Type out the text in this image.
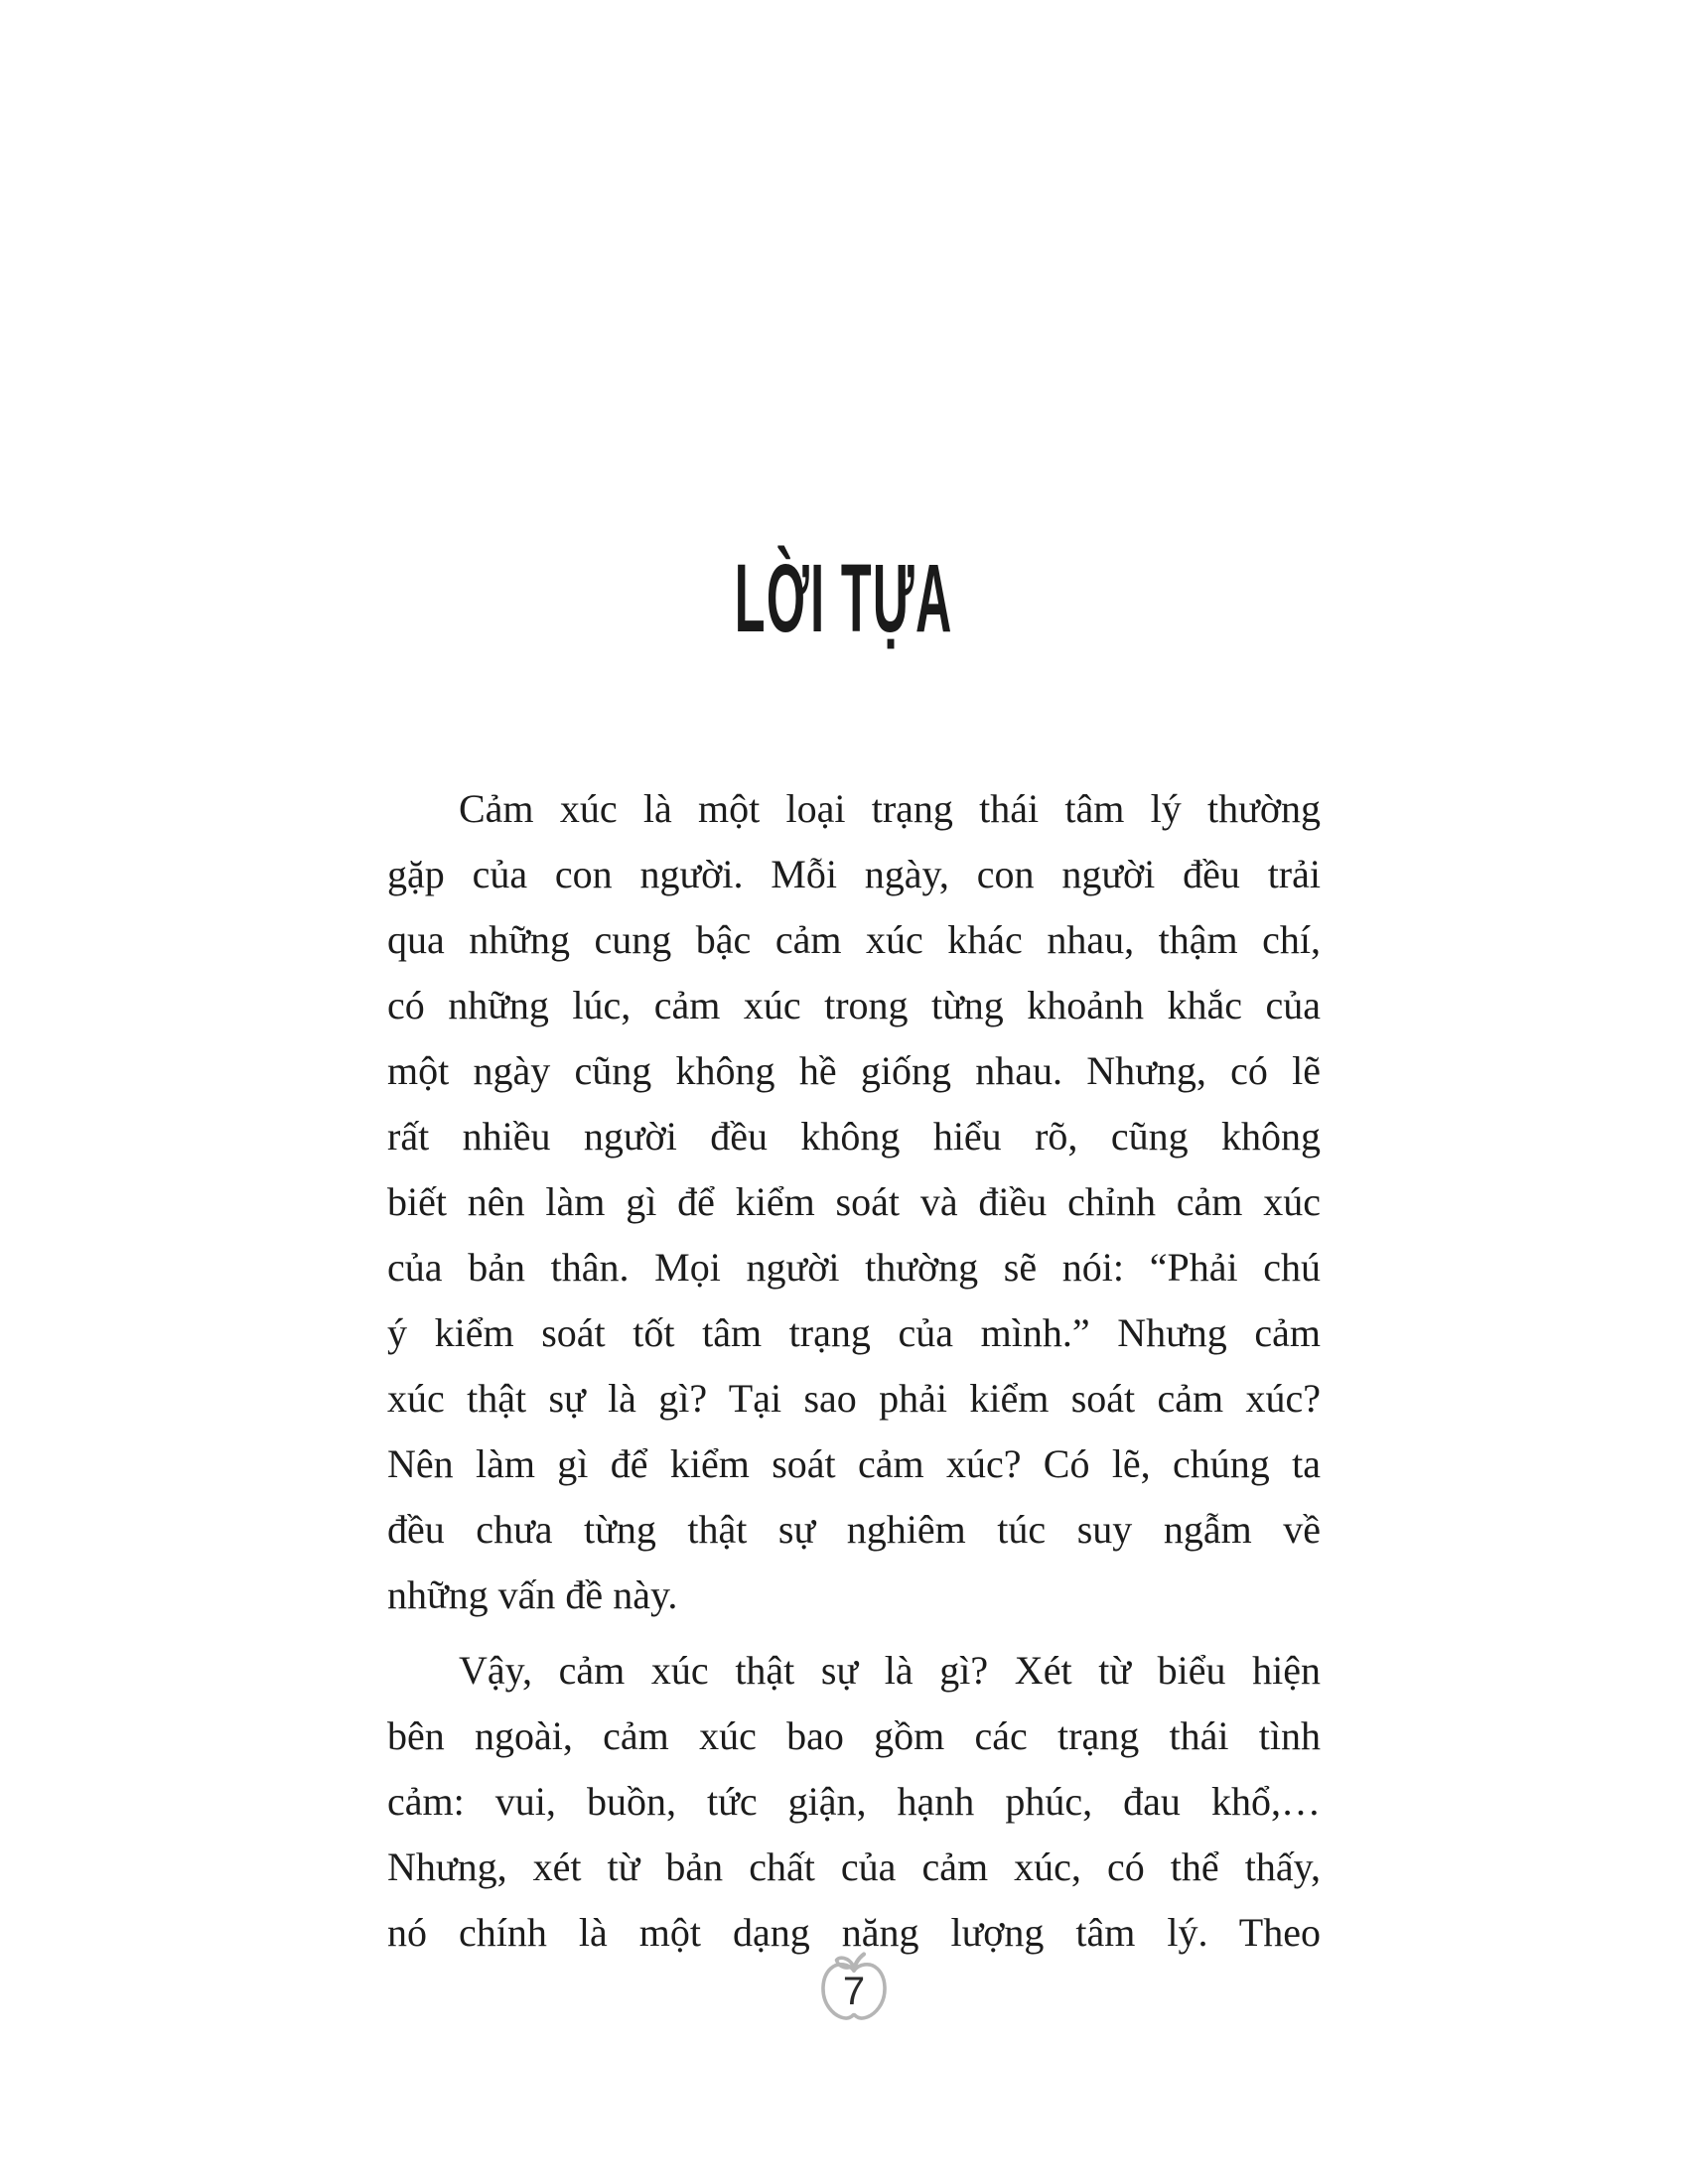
LỜI TỰA
Cảm xúc là một loại trạng thái tâm lý thường
gặp của con người. Mỗi ngày, con người đều trải
qua những cung bậc cảm xúc khác nhau, thậm chí,
có những lúc, cảm xúc trong từng khoảnh khắc của
một ngày cũng không hề giống nhau. Nhưng, có lẽ
rất nhiều người đều không hiểu rõ, cũng không
biết nên làm gì để kiểm soát và điều chỉnh cảm xúc
của bản thân. Mọi người thường sẽ nói: “Phải chú
ý kiểm soát tốt tâm trạng của mình.” Nhưng cảm
xúc thật sự là gì? Tại sao phải kiểm soát cảm xúc?
Nên làm gì để kiểm soát cảm xúc? Có lẽ, chúng ta
đều chưa từng thật sự nghiêm túc suy ngẫm về
những vấn đề này.
Vậy, cảm xúc thật sự là gì? Xét từ biểu hiện
bên ngoài, cảm xúc bao gồm các trạng thái tình
cảm: vui, buồn, tức giận, hạnh phúc, đau khổ,…
Nhưng, xét từ bản chất của cảm xúc, có thể thấy,
nó chính là một dạng năng lượng tâm lý. Theo
7
